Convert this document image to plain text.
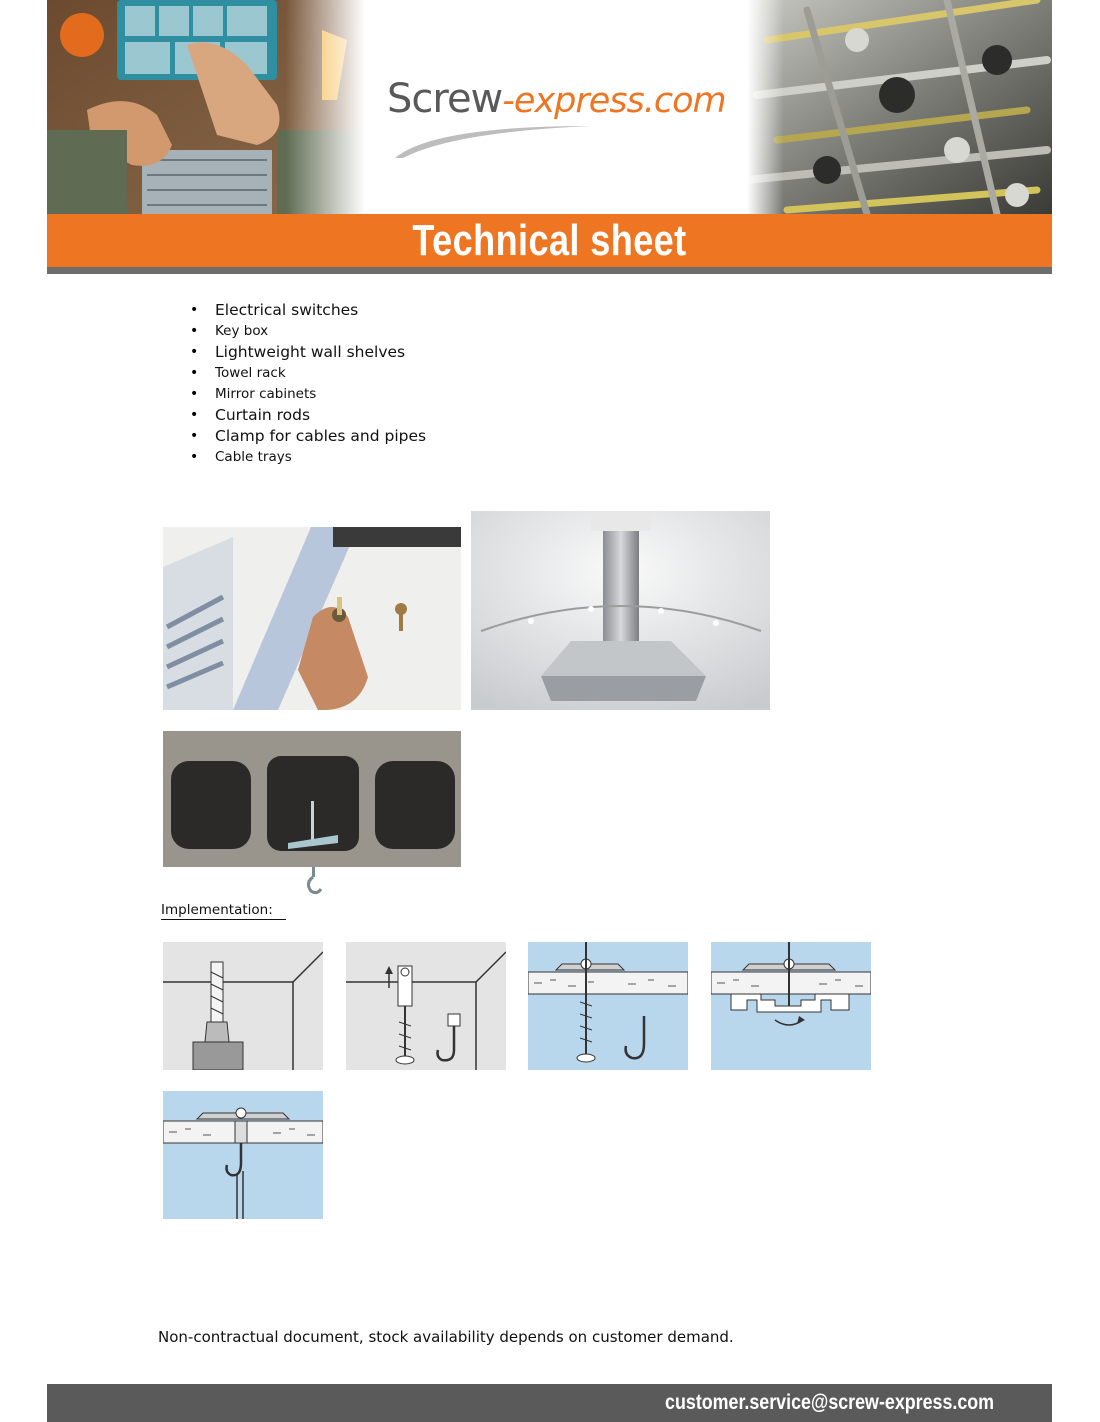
Screw-express.com
Technical sheet
• Electrical switches
• Key box
• Lightweight wall shelves
• Towel rack
• Mirror cabinets
• Curtain rods
• Clamp for cables and pipes
• Cable trays
Implementation:
Non-contractual document, stock availability depends on customer demand.
customer.service@screw-express.com
